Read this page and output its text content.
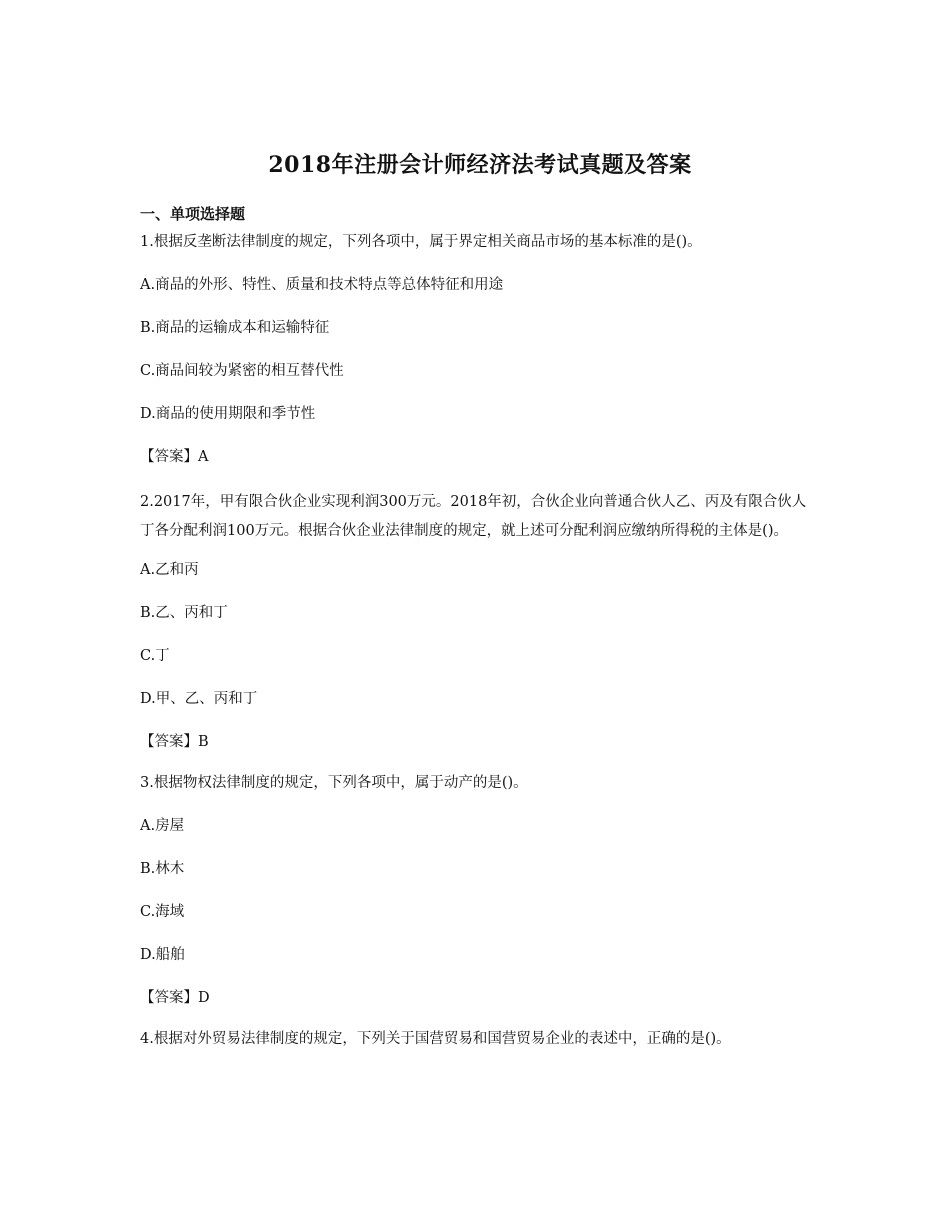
2018年注册会计师经济法考试真题及答案
一、单项选择题

1.根据反垄断法律制度的规定，下列各项中，属于界定相关商品市场的基本标准的是()。

A.商品的外形、特性、质量和技术特点等总体特征和用途

B.商品的运输成本和运输特征

C.商品间较为紧密的相互替代性

D.商品的使用期限和季节性

【答案】A

2.2017年，甲有限合伙企业实现利润300万元。2018年初，合伙企业向普通合伙人乙、丙及有限合伙人丁各分配利润100万元。根据合伙企业法律制度的规定，就上述可分配利润应缴纳所得税的主体是()。

A.乙和丙

B.乙、丙和丁

C.丁

D.甲、乙、丙和丁

【答案】B

3.根据物权法律制度的规定，下列各项中，属于动产的是()。

A.房屋

B.林木

C.海域

D.船舶

【答案】D

4.根据对外贸易法律制度的规定，下列关于国营贸易和国营贸易企业的表述中，正确的是()。
